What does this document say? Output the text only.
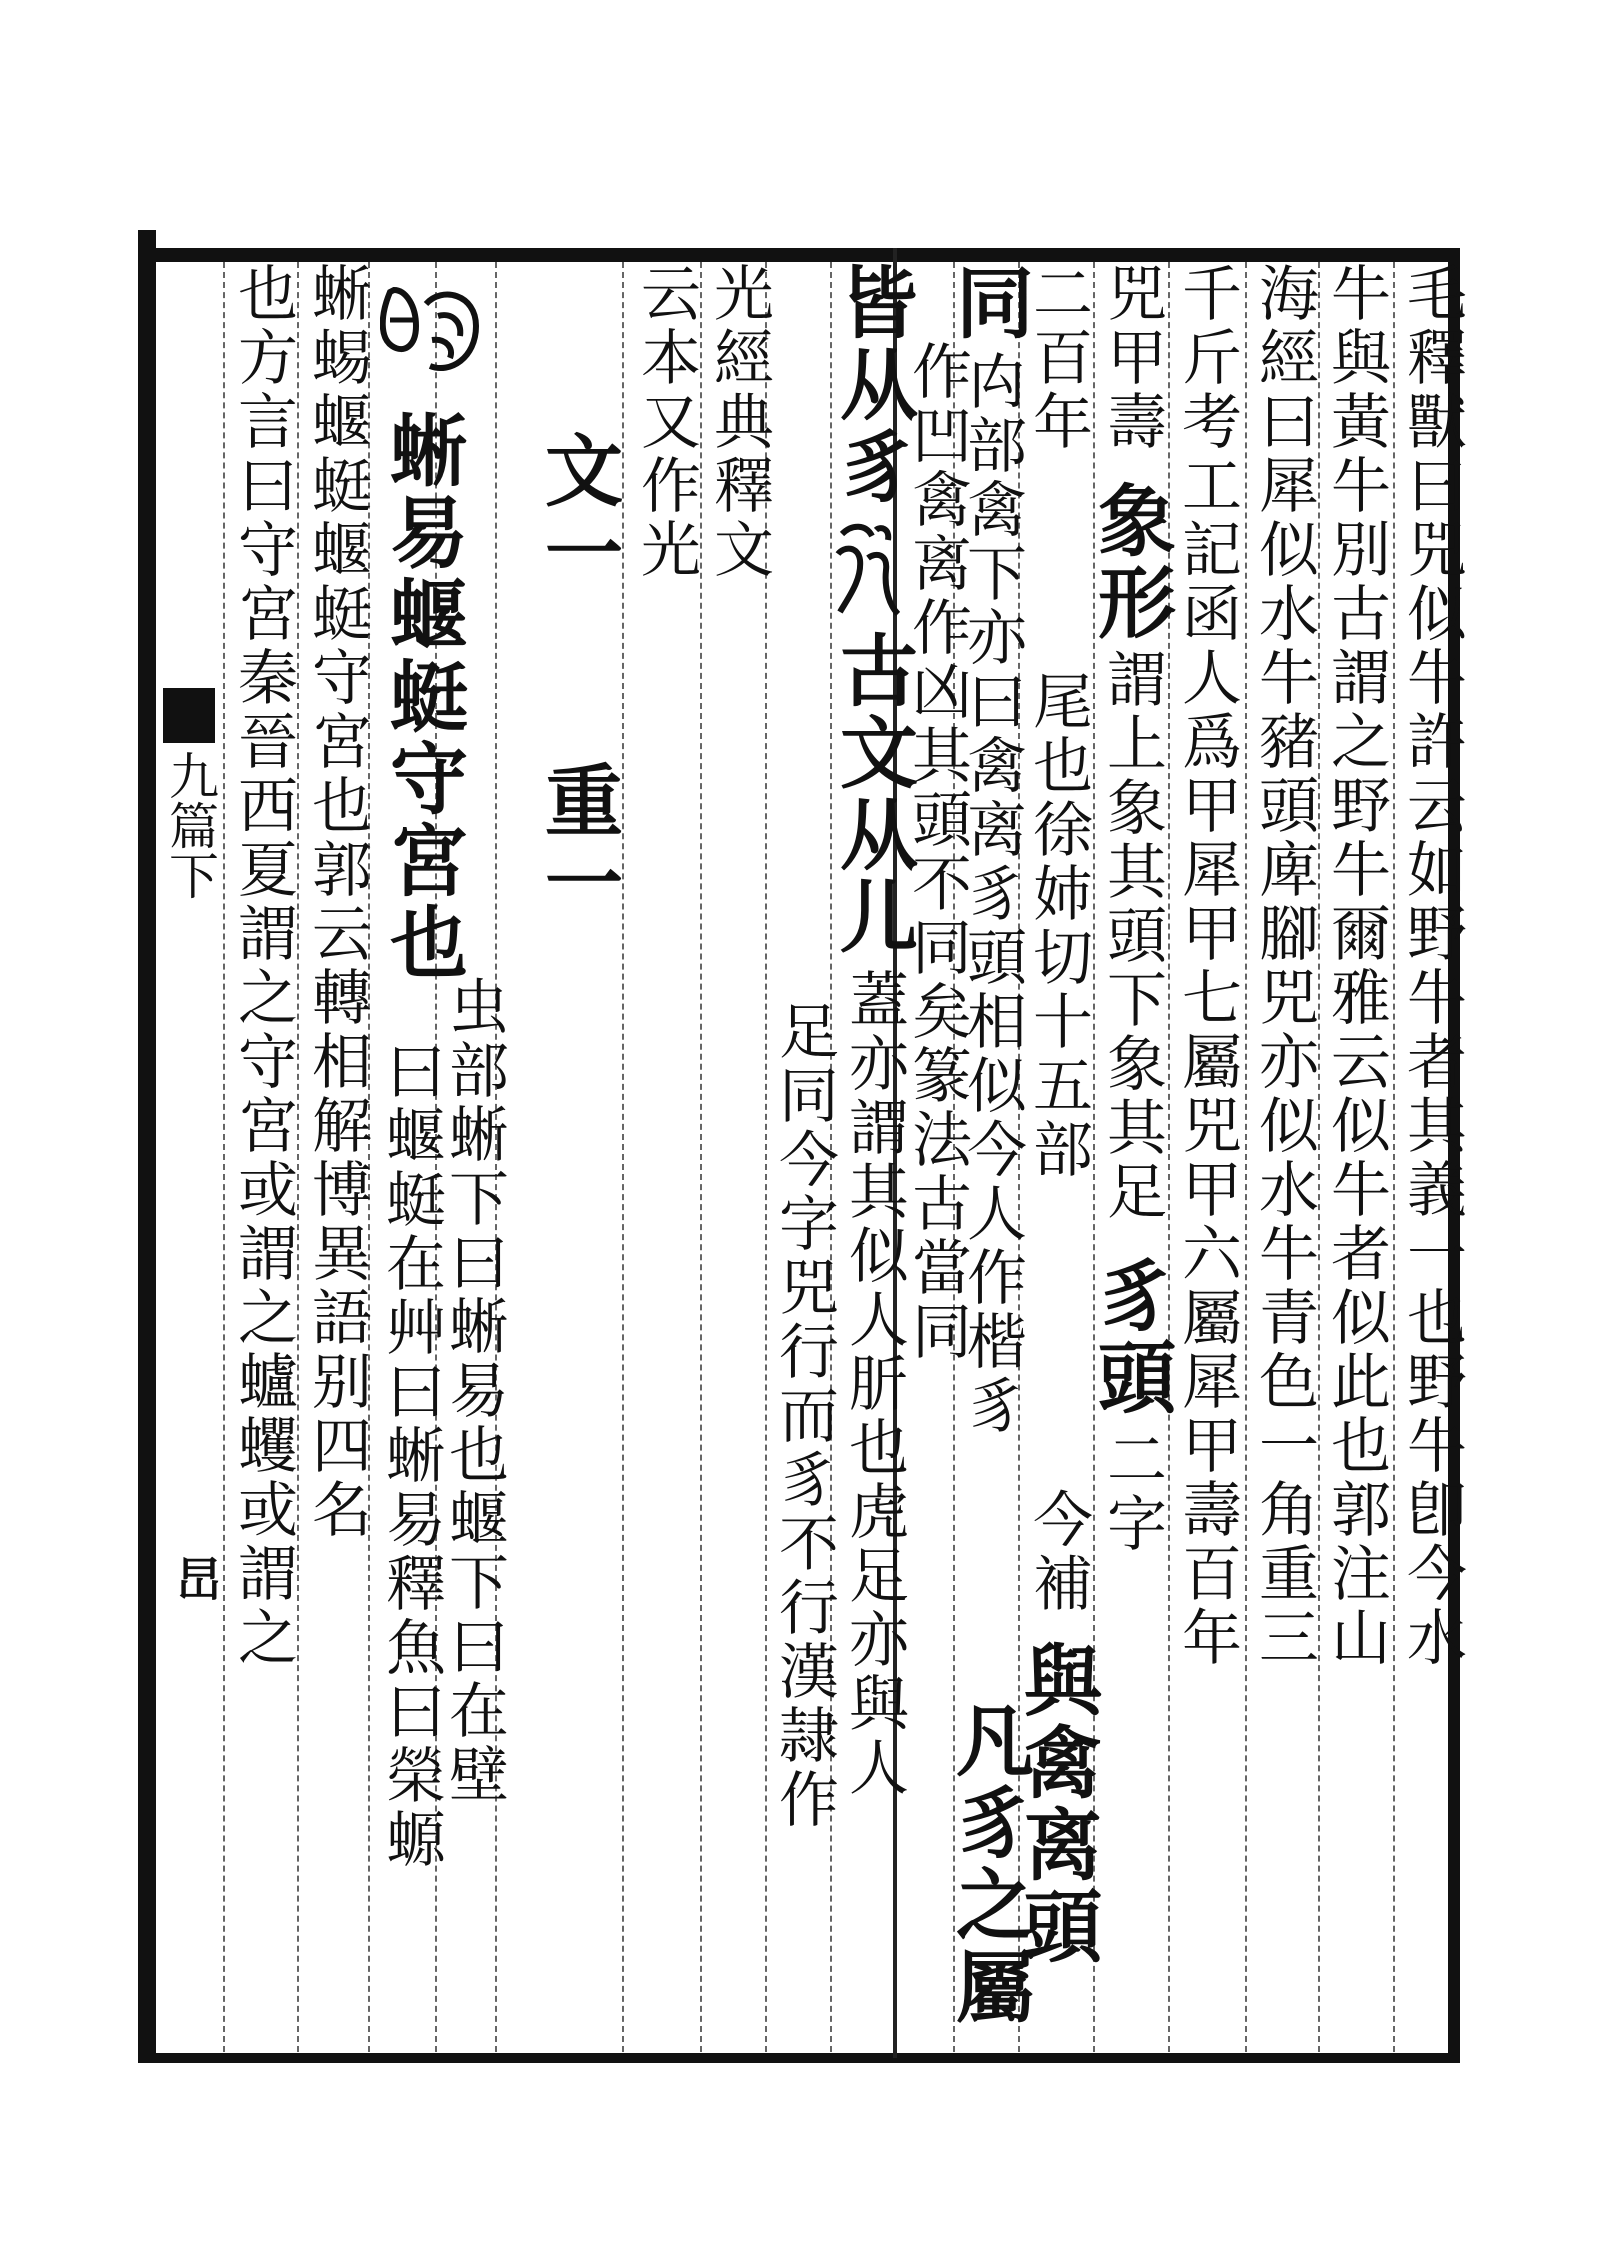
毛釋獸曰兕似牛許云如野牛者其義一也野牛卽今水
牛與黃牛別古謂之野牛爾雅云似牛者似此也郭注山
海經曰犀似水牛豬頭庳腳兕亦似水牛青色一角重三
千斤考工記函人爲甲犀甲七屬兕甲六屬犀甲壽百年
兕甲壽
象形
謂上象其頭下象其足
豸頭
二字
二百年
尾也徐姉切十五部
今補
與禽离頭
同
禸部禽下亦曰禽离豸頭相似今人作楷豸
凡豸之屬
作凹禽离作凶其頭不同矣篆法古當同
皆从豸
古文从儿
蓋亦謂其似人肵也虎足亦與人
足同今字兕行而豸不行漢隷作
光經典釋文
云本又作光
文一
重一
蜥易蝘蜓守宮也
虫部蜥下曰蜥易也蝘下曰在壁
曰蝘蜓在艸曰蜥易釋魚曰榮螈
蜥蜴蝘蜓蝘蜓守宮也郭云轉相解博異語别四名
也方言曰守宮秦晉西夏謂之守宮或謂之蠦蠼或謂之
九篇下
旵
